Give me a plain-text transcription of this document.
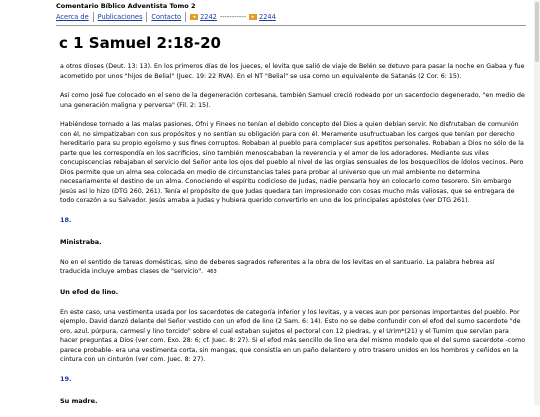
Comentario Bíblico Adventista Tomo 2
Acerca de	Publicaciones	Contacto	◂ 2242 -----------	▸ 2244
c 1 Samuel 2:18-20

a otros dioses (Deut. 13: 13). En los primeros días de los jueces, el levita que salió de viaje de Belén se detuvo para pasar la noche en Gabaa y fue acometido por unos "hijos de Belial" (Juec. 19: 22 RVA). En el NT "Belial" se usa como un equivalente de Satanás (2 Cor. 6: 15).

Así como José fue colocado en el seno de la degeneración cortesana, también Samuel creció rodeado por un sacerdocio degenerado, "en medio de una generación maligna y perversa" (Fil. 2: 15).

Habiéndose tornado a las malas pasiones, Ofni y Finees no tenían el debido concepto del Dios a quien debían servir. No disfrutaban de comunión con él, no simpatizaban con sus propósitos y no sentían su obligación para con él. Meramente usufructuaban los cargos que tenían por derecho hereditario para su propio egoísmo y sus fines corruptos. Robaban al pueblo para complacer sus apetitos personales. Robaban a Dios no sólo de la parte que les correspondía en los sacrificios, sino también menoscababan la reverencia y el amor de los adoradores. Mediante sus viles concupiscencias rebajaban el servicio del Señor ante los ojos del pueblo al nivel de las orgías sensuales de los bosquecillos de ídolos vecinos. Pero Dios permite que un alma sea colocada en medio de circunstancias tales para probar al universo que un mal ambiente no determina necesariamente el destino de un alma. Conociendo el espíritu codicioso de Judas, nadie pensaría hoy en colocarlo como tesorero. Sin embargo Jesús así lo hizo (DTG 260, 261). Tenía el propósito de que Judas quedara tan impresionado con cosas mucho más valiosas, que se entregara de todo corazón a su Salvador. Jesús amaba a Judas y hubiera querido convertirlo en uno de los principales apóstoles (ver DTG 261).

18.
Ministraba.

No en el sentido de tareas domésticas, sino de deberes sagrados referentes a la obra de los levitas en el santuario. La palabra hebrea así traducida incluye ambas clases de "servicio". 463

Un efod de lino.

En este caso, una vestimenta usada por los sacerdotes de categoría inferior y los levitas, y a veces aun por personas importantes del pueblo. Por ejemplo, David danzó delante del Señor vestido con un efod de lino (2 Sam. 6: 14). Esto no se debe confundir con el efod del sumo sacerdote "de oro, azul, púrpura, carmesí y lino torcido" sobre el cual estaban sujetos el pectoral con 12 piedras, y el Urim*(21) y el Tumim que servían para hacer preguntas a Dios (ver com. Exo. 28: 6; cf. Juec. 8: 27). Si el efod más sencillo de lino era del mismo modelo que el del sumo sacerdote -como parece probable- era una vestimenta corta, sin mangas, que consistía en un paño delantero y otro trasero unidos en los hombros y ceñidos en la cintura con un cinturón (ver com. Juec. 8: 27).

19.
Su madre.
